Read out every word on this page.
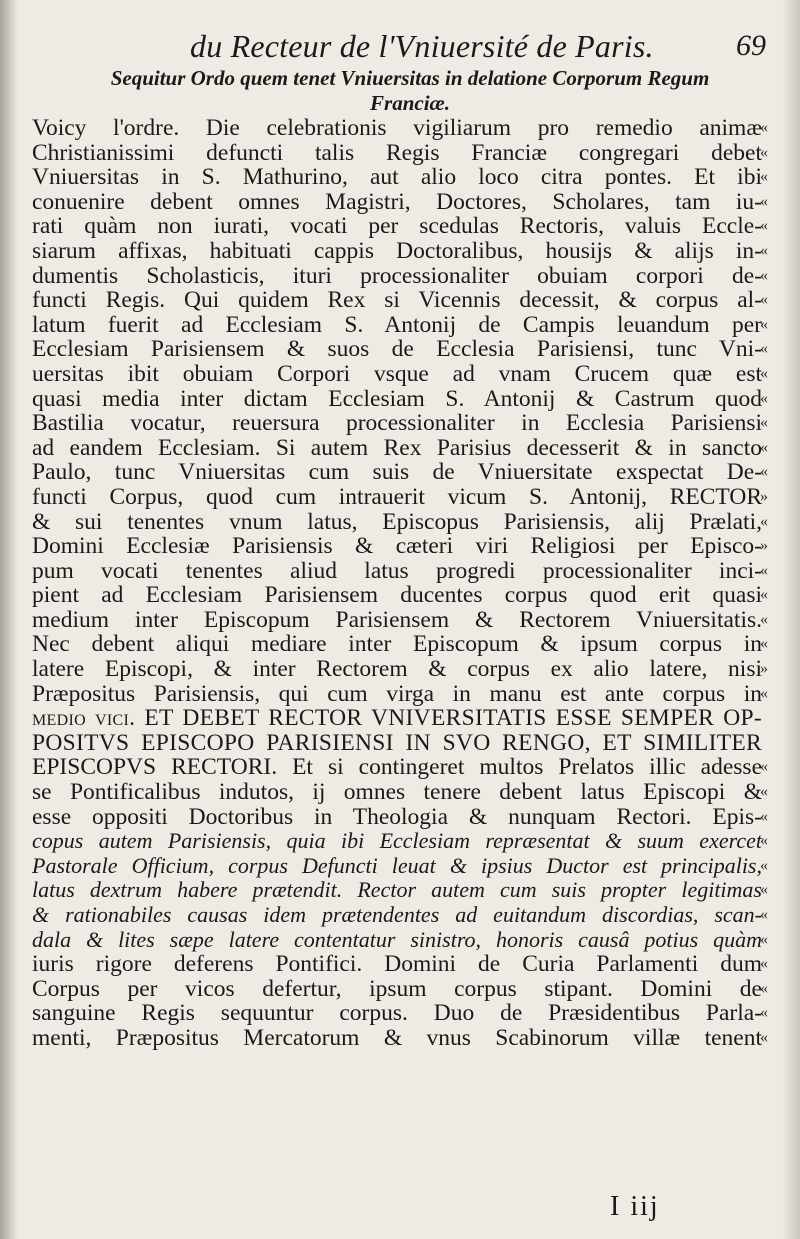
du Recteur de l'Vniuersité de Paris.	69
Sequitur Ordo quem tenet Vniuersitas in delatione Corporum Regum
Franciæ.
Voicy l'ordre. Die celebrationis vigiliarum pro remedio animæ
Christianissimi defuncti talis Regis Franciæ congregari debet
Vniuersitas in S. Mathurino, aut alio loco citra pontes. Et ibi
conuenire debent omnes Magistri, Doctores, Scholares, tam iu-
rati quàm non iurati, vocati per scedulas Rectoris, valuis Eccle-
siarum affixas, habituati cappis Doctoralibus, housijs & alijs in-
dumentis Scholasticis, ituri processionaliter obuiam corpori de-
functi Regis. Qui quidem Rex si Vicennis decessit, & corpus al-
latum fuerit ad Ecclesiam S. Antonij de Campis leuandum per
Ecclesiam Parisiensem & suos de Ecclesia Parisiensi, tunc Vni-
uersitas ibit obuiam Corpori vsque ad vnam Crucem quæ est
quasi media inter dictam Ecclesiam S. Antonij & Castrum quod
Bastilia vocatur, reuersura processionaliter in Ecclesia Parisiensi
ad eandem Ecclesiam. Si autem Rex Parisius decesserit & in sancto
Paulo, tunc Vniuersitas cum suis de Vniuersitate exspectat De-
functi Corpus, quod cum intrauerit vicum S. Antonij, RECTOR
& sui tenentes vnum latus, Episcopus Parisiensis, alij Prælati,
Domini Ecclesiæ Parisiensis & cæteri viri Religiosi per Episco-
pum vocati tenentes aliud latus progredi processionaliter inci-
pient ad Ecclesiam Parisiensem ducentes corpus quod erit quasi
medium inter Episcopum Parisiensem & Rectorem Vniuersitatis.
Nec debent aliqui mediare inter Episcopum & ipsum corpus in
latere Episcopi, & inter Rectorem & corpus ex alio latere, nisi
Præpositus Parisiensis, qui cum virga in manu est ante corpus in
medio vici. ET DEBET RECTOR VNIVERSITATIS ESSE SEMPER OP-
POSITVS EPISCOPO PARISIENSI IN SVO RENGO, ET SIMILITER
EPISCOPVS RECTORI. Et si contingeret multos Prelatos illic adesse
se Pontificalibus indutos, ij omnes tenere debent latus Episcopi &
esse oppositi Doctoribus in Theologia & nunquam Rectori. Epis-
copus autem Parisiensis, quia ibi Ecclesiam repræsentat & suum exercet
Pastorale Officium, corpus Defuncti leuat & ipsius Ductor est principalis,
latus dextrum habere prætendit. Rector autem cum suis propter legitimas
& rationabiles causas idem prætendentes ad euitandum discordias, scan-
dala & lites sæpe latere contentatur sinistro, honoris causâ potius quàm
iuris rigore deferens Pontifici. Domini de Curia Parlamenti dum
Corpus per vicos defertur, ipsum corpus stipant. Domini de
sanguine Regis sequuntur corpus. Duo de Præsidentibus Parla-
menti, Præpositus Mercatorum & vnus Scabinorum villæ tenent
«
«
«
«
«
«
«
«
«
«
«
«
«
«
«
»
«
»
«
«
«
«
»
«
«
«
«
«
«
«
«
«
«
«
«
«
I iij
